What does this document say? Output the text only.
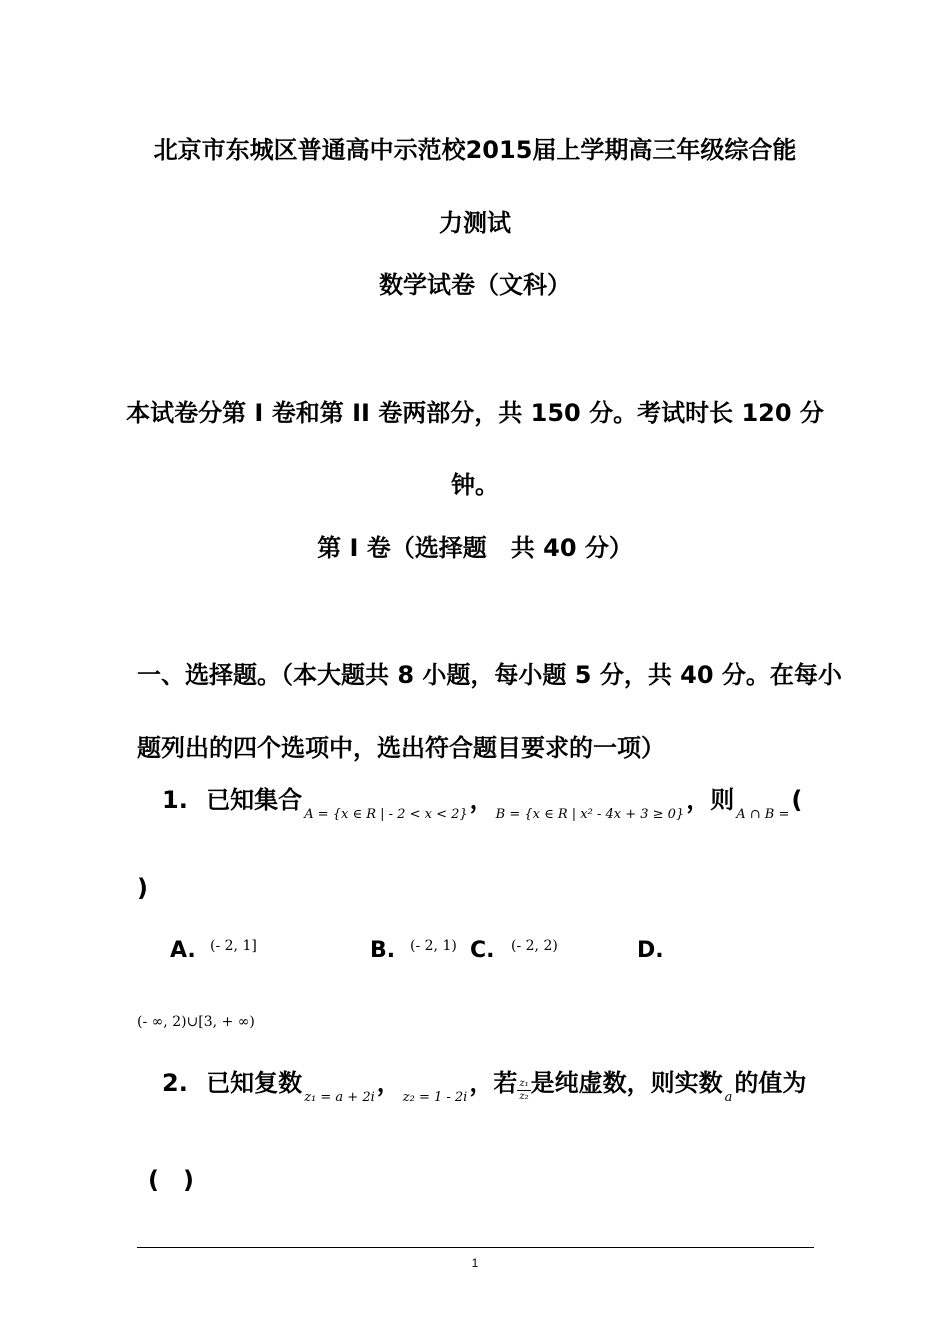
北京市东城区普通高中示范校2015届上学期高三年级综合能
力测试
数学试卷（文科）
本试卷分第 I 卷和第 II 卷两部分，共 150 分。考试时长 120 分
钟。
第 I 卷（选择题　共 40 分）
一、选择题。（本大题共 8 小题，每小题 5 分，共 40 分。在每小
题列出的四个选项中，选出符合题目要求的一项）
1. 已知集合$_{A = \{x \in R | - 2 < x < 2\}}$，$_{B = \{x \in R | x^2 - 4x + 3 \ge 0\}}$，则$_{A \cap B =}$(
)
A. (- 2, 1]	B. (- 2, 1) C. (- 2, 2)	D.
(- ∞, 2)∪[3, + ∞)
2. 已知复数$_{z_1 = a + 2i}$，$_{z_2 = 1 - 2i}$，若 $\frac{\text{z₁}}{\text{z₂}}$ 是纯虚数，则实数$_a$的值为
(　)
1
